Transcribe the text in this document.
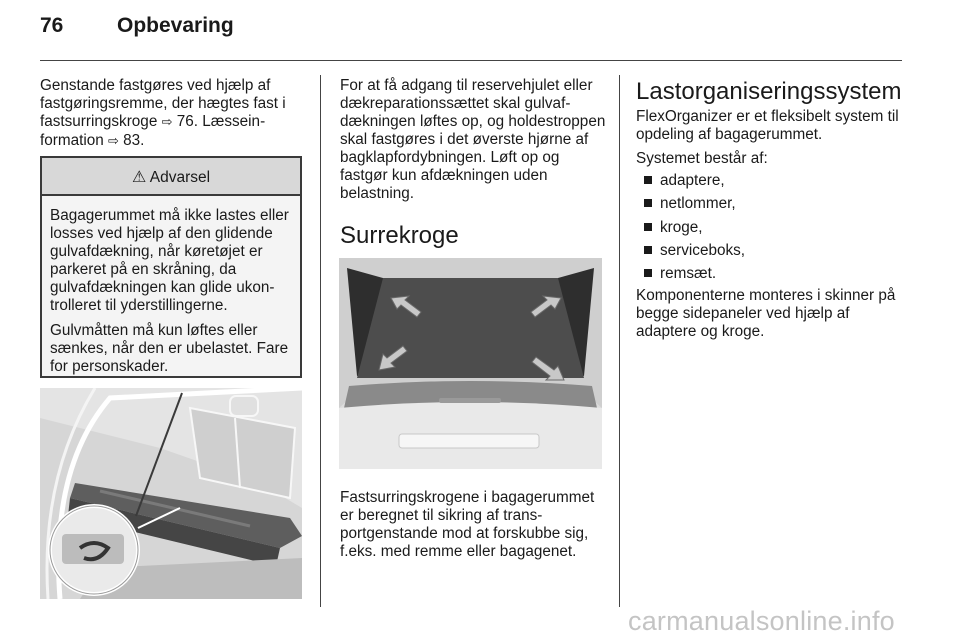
76	Opbevaring
Genstande fastgøres ved hjælp af fastgøringsremme, der hægtes fast i fastsurringskroge ⇨ 76. Læsseinformation ⇨ 83.
⚠ Advarsel

Bagagerummet må ikke lastes eller losses ved hjælp af den glidende gulvafdækning, når køretøjet er parkeret på en skråning, da gulvafdækningen kan glide ukontrolleret til yderstillingerne.

Gulvmåtten må kun løftes eller sænkes, når den er ubelastet. Fare for personskader.

For at få adgang til reservehjulet eller dækreparationssættet skal gulvafdækningen løftes op, og holdestroppen skal fastgøres i det øverste hjørne af bagklapfordybningen. Løft op og fastgør kun afdækningen uden belastning.
Surrekroge
Fastsurringskrogene i bagagerummet er beregnet til sikring af transportgenstande mod at forskubbe sig, f.eks. med remme eller bagagenet.
Lastorganiseringssystem
FlexOrganizer er et fleksibelt system til opdeling af bagagerummet.
Systemet består af:
adaptere,
netlommer,
kroge,
serviceboks,
remsæt.
Komponenterne monteres i skinner på begge sidepaneler ved hjælp af adaptere og kroge.
carmanualsonline.info
